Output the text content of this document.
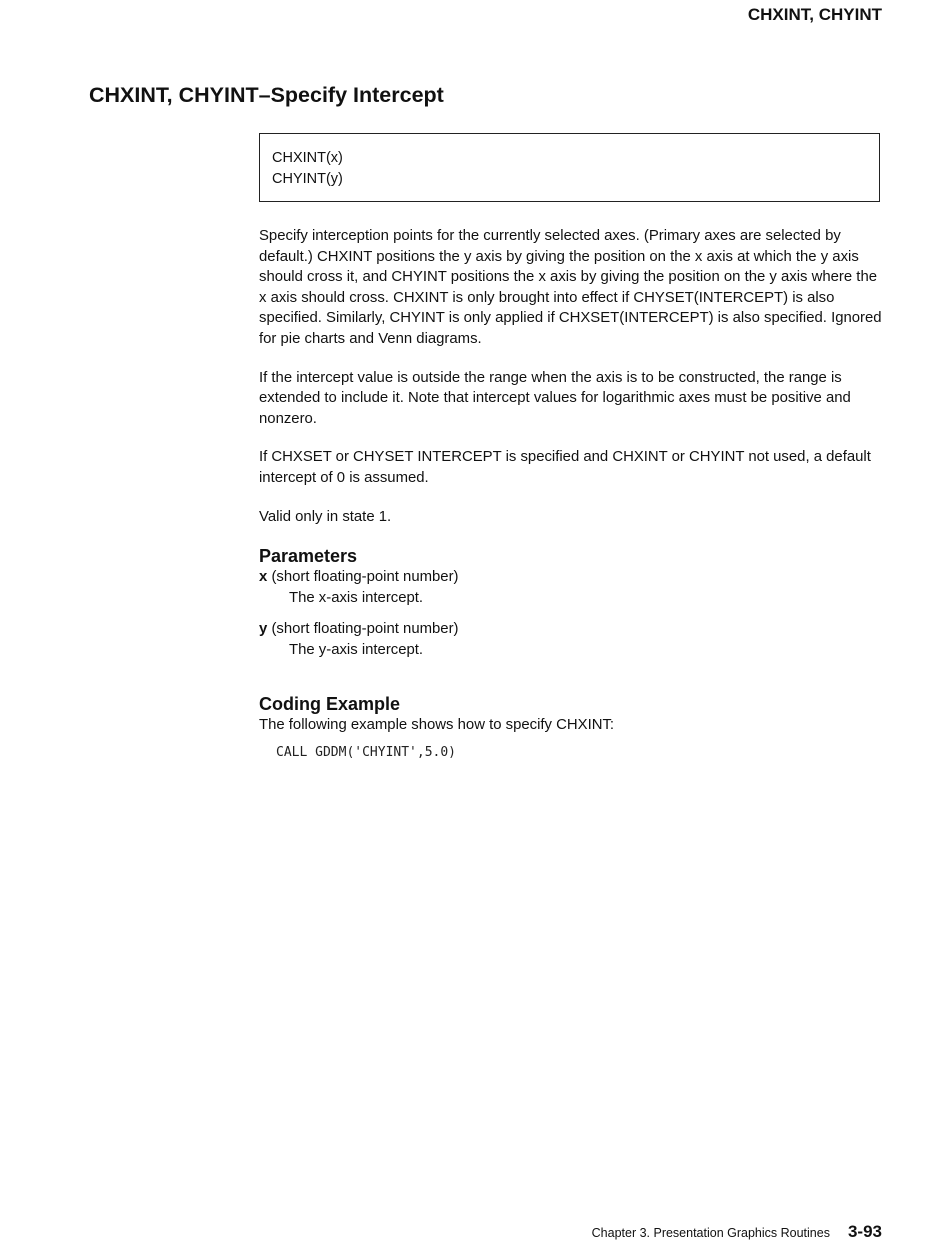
CHXINT, CHYINT
CHXINT, CHYINT–Specify Intercept
CHXINT(x)
CHYINT(y)

Specify interception points for the currently selected axes. (Primary axes are selected by default.) CHXINT positions the y axis by giving the position on the x axis at which the y axis should cross it, and CHYINT positions the x axis by giving the position on the y axis where the x axis should cross. CHXINT is only brought into effect if CHYSET(INTERCEPT) is also specified. Similarly, CHYINT is only applied if CHXSET(INTERCEPT) is also specified. Ignored for pie charts and Venn diagrams.

If the intercept value is outside the range when the axis is to be constructed, the range is extended to include it. Note that intercept values for logarithmic axes must be positive and nonzero.

If CHXSET or CHYSET INTERCEPT is specified and CHXINT or CHYINT not used, a default intercept of 0 is assumed.

Valid only in state 1.

Parameters
x (short floating-point number)
The x-axis intercept.
y (short floating-point number)
The y-axis intercept.
Coding Example

The following example shows how to specify CHXINT:

CALL GDDM('CHYINT',5.0)
Chapter 3. Presentation Graphics Routines 3-93
